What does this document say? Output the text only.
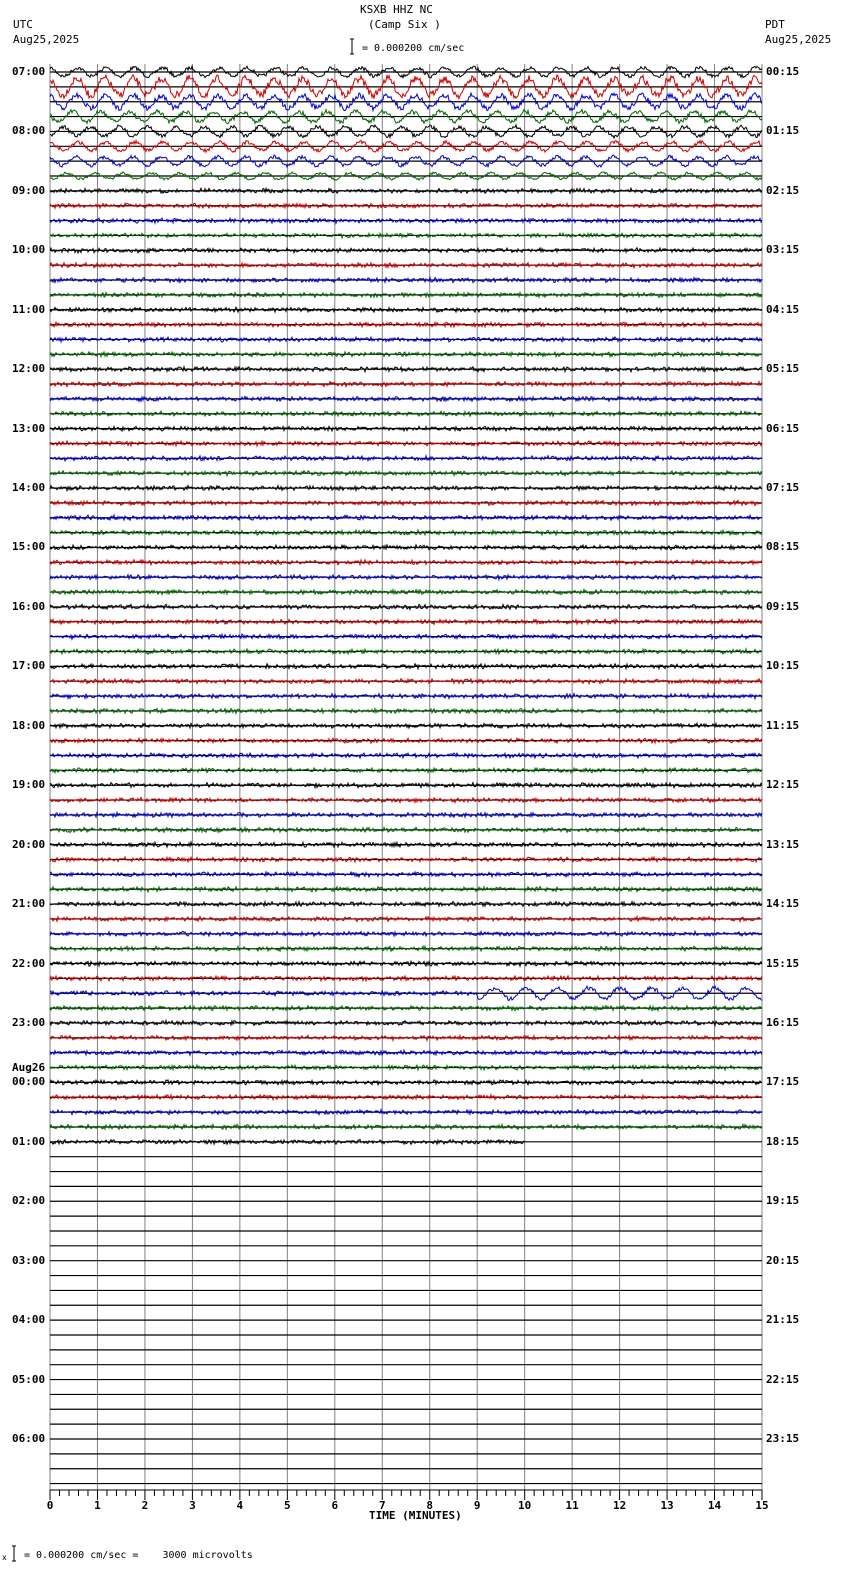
KSXB HHZ NC
(Camp Six )
UTC
Aug25,2025
PDT
Aug25,2025
= 0.000200 cm/sec
07:00
08:00
09:00
10:00
11:00
12:00
13:00
14:00
15:00
16:00
17:00
18:00
19:00
20:00
21:00
22:00
23:00
00:00
Aug26
01:00
02:00
03:00
04:00
05:00
06:00
00:15
01:15
02:15
03:15
04:15
05:15
06:15
07:15
08:15
09:15
10:15
11:15
12:15
13:15
14:15
15:15
16:15
17:15
18:15
19:15
20:15
21:15
22:15
23:15
0	1	2	3	4	5	6	7	8	9	10	11	12	13	14	15
TIME (MINUTES)
x = 0.000200 cm/sec =    3000 microvolts
